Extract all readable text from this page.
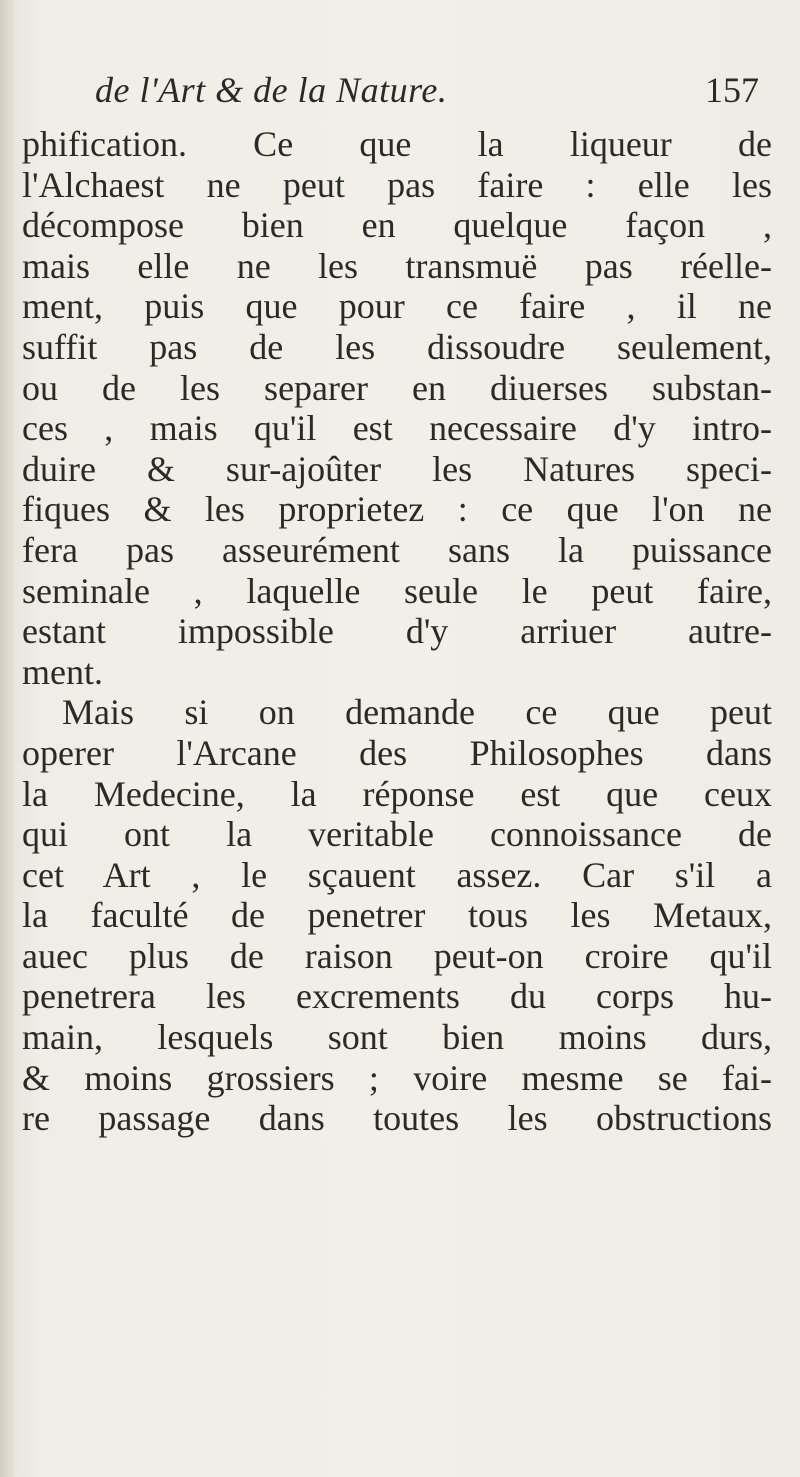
de l'Art & de la Nature.	157
phification. Ce que la liqueur de
l'Alchaest ne peut pas faire : elle les
décompose bien en quelque façon ,
mais elle ne les transmuë pas réelle-
ment, puis que pour ce faire , il ne
suffit pas de les dissoudre seulement,
ou de les separer en diuerses substan-
ces , mais qu'il est necessaire d'y intro-
duire & sur-ajoûter les Natures speci-
fiques & les proprietez : ce que l'on ne
fera pas asseurément sans la puissance
seminale , laquelle seule le peut faire,
estant impossible d'y arriuer autre-
ment.
Mais si on demande ce que peut
operer l'Arcane des Philosophes dans
la Medecine, la réponse est que ceux
qui ont la veritable connoissance de
cet Art , le sçauent assez. Car s'il a
la faculté de penetrer tous les Metaux,
auec plus de raison peut-on croire qu'il
penetrera les excrements du corps hu-
main, lesquels sont bien moins durs,
& moins grossiers ; voire mesme se fai-
re passage dans toutes les obstructions
